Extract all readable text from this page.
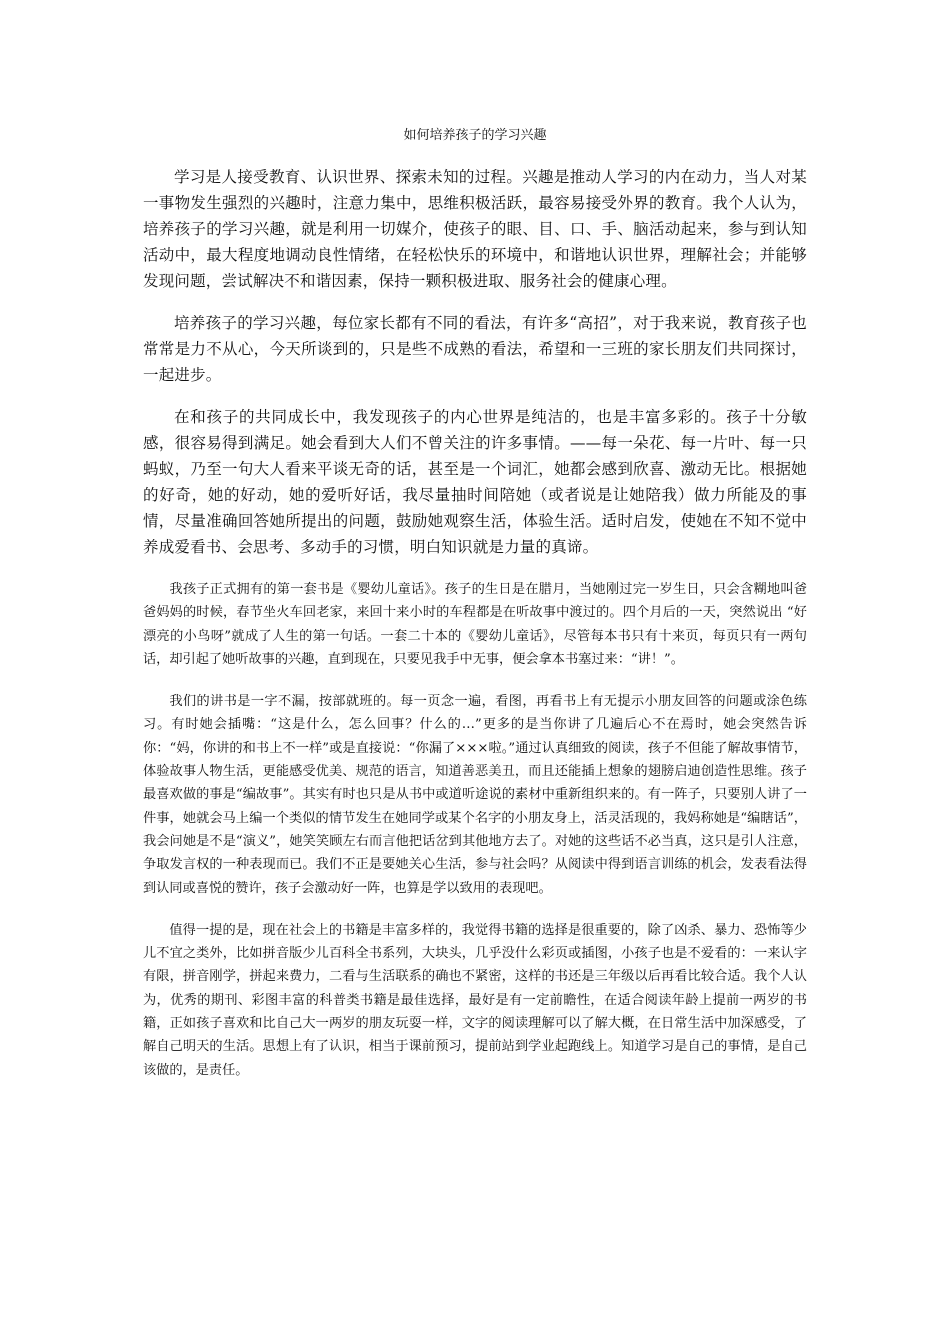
如何培养孩子的学习兴趣

学习是人接受教育、认识世界、探索未知的过程。兴趣是推动人学习的内在动力，当人对某一事物发生强烈的兴趣时，注意力集中，思维积极活跃，最容易接受外界的教育。我个人认为，培养孩子的学习兴趣，就是利用一切媒介，使孩子的眼、目、口、手、脑活动起来，参与到认知活动中，最大程度地调动良性情绪，在轻松快乐的环境中，和谐地认识世界，理解社会；并能够发现问题，尝试解决不和谐因素，保持一颗积极进取、服务社会的健康心理。

培养孩子的学习兴趣，每位家长都有不同的看法，有许多“高招”，对于我来说，教育孩子也常常是力不从心，今天所谈到的，只是些不成熟的看法，希望和一三班的家长朋友们共同探讨，一起进步。

在和孩子的共同成长中，我发现孩子的内心世界是纯洁的，也是丰富多彩的。孩子十分敏感，很容易得到满足。她会看到大人们不曾关注的许多事情。——每一朵花、每一片叶、每一只蚂蚁，乃至一句大人看来平谈无奇的话，甚至是一个词汇，她都会感到欣喜、激动无比。根据她的好奇，她的好动，她的爱听好话，我尽量抽时间陪她（或者说是让她陪我）做力所能及的事情，尽量准确回答她所提出的问题，鼓励她观察生活，体验生活。适时启发，使她在不知不觉中养成爱看书、会思考、多动手的习惯，明白知识就是力量的真谛。

我孩子正式拥有的第一套书是《婴幼儿童话》。孩子的生日是在腊月，当她刚过完一岁生日，只会含糊地叫爸爸妈妈的时候，春节坐火车回老家，来回十来小时的车程都是在听故事中渡过的。四个月后的一天，突然说出 “好漂亮的小鸟呀”就成了人生的第一句话。一套二十本的《婴幼儿童话》，尽管每本书只有十来页，每页只有一两句话，却引起了她听故事的兴趣，直到现在，只要见我手中无事，便会拿本书塞过来：“讲！”。

我们的讲书是一字不漏，按部就班的。每一页念一遍，看图，再看书上有无提示小朋友回答的问题或涂色练习。有时她会插嘴：“这是什么，怎么回事？什么的…”更多的是当你讲了几遍后心不在焉时，她会突然告诉你：“妈，你讲的和书上不一样”或是直接说：“你漏了×××啦。”通过认真细致的阅读，孩子不但能了解故事情节，体验故事人物生活，更能感受优美、规范的语言，知道善恶美丑，而且还能插上想象的翅膀启迪创造性思维。孩子最喜欢做的事是“编故事”。其实有时也只是从书中或道听途说的素材中重新组织来的。有一阵子，只要别人讲了一件事，她就会马上编一个类似的情节发生在她同学或某个名字的小朋友身上，活灵活现的，我妈称她是“编瞎话”，我会问她是不是“演义”，她笑笑顾左右而言他把话岔到其他地方去了。对她的这些话不必当真，这只是引人注意，争取发言权的一种表现而已。我们不正是要她关心生活，参与社会吗？从阅读中得到语言训练的机会，发表看法得到认同或喜悦的赞许，孩子会激动好一阵，也算是学以致用的表现吧。

值得一提的是，现在社会上的书籍是丰富多样的，我觉得书籍的选择是很重要的，除了凶杀、暴力、恐怖等少儿不宜之类外，比如拼音版少儿百科全书系列，大块头，几乎没什么彩页或插图，小孩子也是不爱看的：一来认字有限，拼音刚学，拼起来费力，二看与生活联系的确也不紧密，这样的书还是三年级以后再看比较合适。我个人认为，优秀的期刊、彩图丰富的科普类书籍是最佳选择，最好是有一定前瞻性，在适合阅读年龄上提前一两岁的书籍，正如孩子喜欢和比自己大一两岁的朋友玩耍一样，文字的阅读理解可以了解大概，在日常生活中加深感受，了解自己明天的生活。思想上有了认识，相当于课前预习，提前站到学业起跑线上。知道学习是自己的事情，是自己该做的，是责任。
